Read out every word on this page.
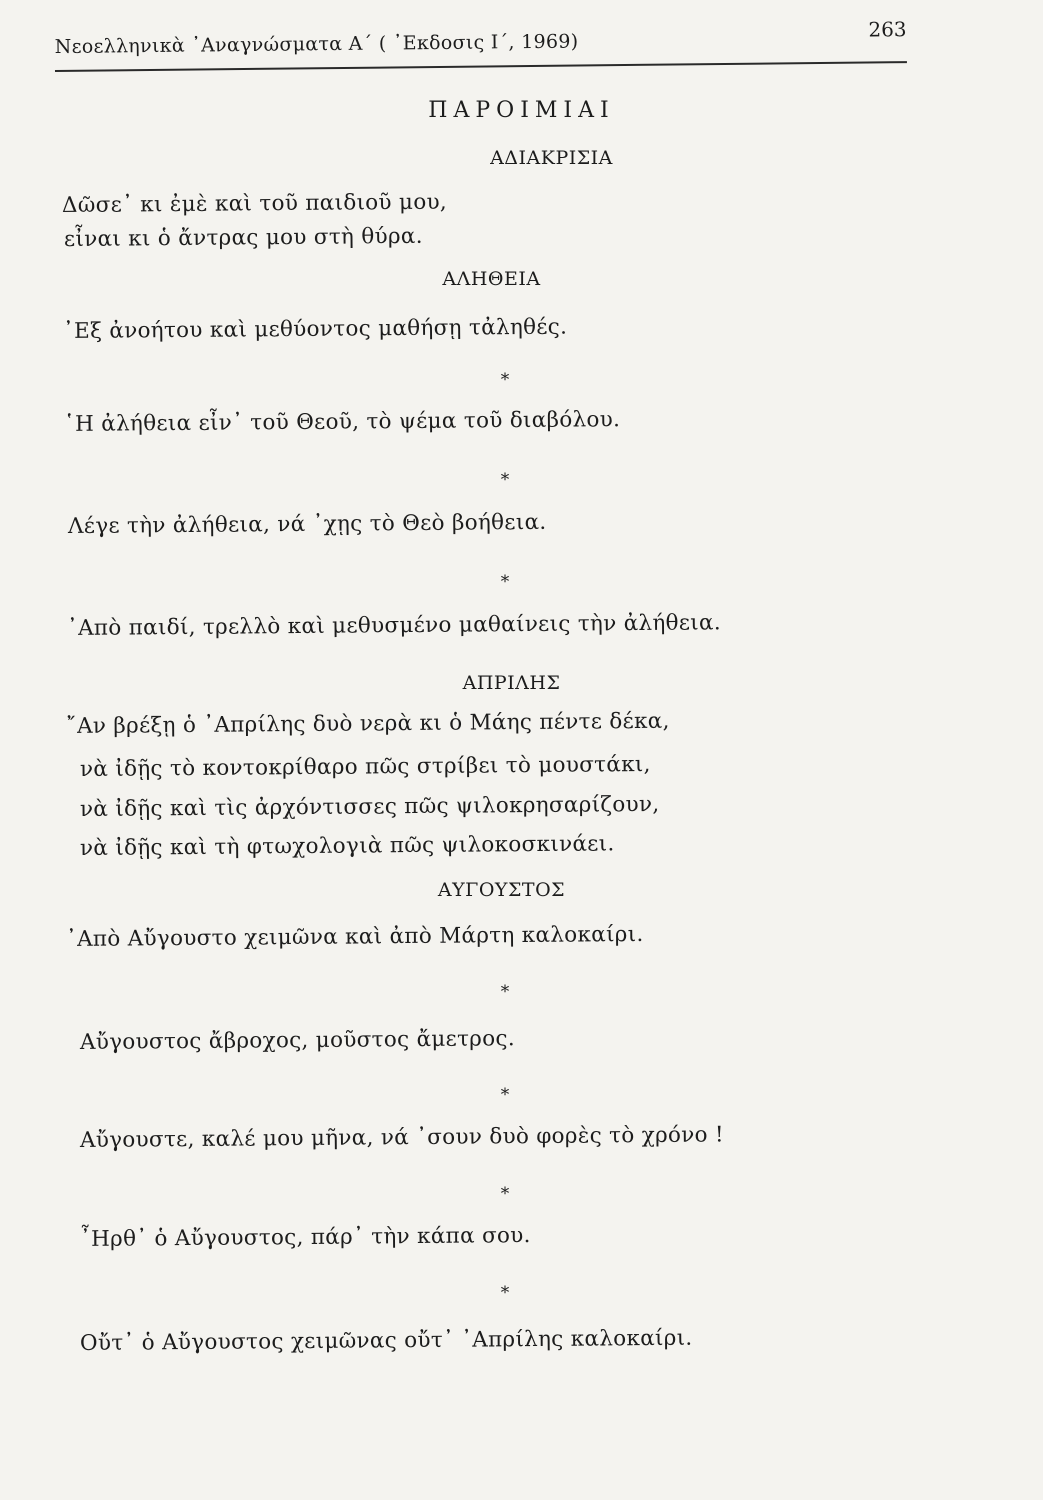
Νεοελληνικὰ ᾿Αναγνώσματα Α΄ ( ᾿Εκδοσις Ι΄, 1969)
263
ΠΑΡΟΙΜΙΑΙ
ΑΔΙΑΚΡΙΣΙΑ
Δῶσε᾿ κι ἐμὲ καὶ τοῦ παιδιοῦ μου,
εἶναι κι ὁ ἄντρας μου στὴ θύρα.
ΑΛΗΘΕΙΑ
᾿Εξ ἀνοήτου καὶ μεθύοντος μαθήσῃ τἀληθές.
*
῾Η ἀλήθεια εἶν᾿ τοῦ Θεοῦ, τὸ ψέμα τοῦ διαβόλου.
*
Λέγε τὴν ἀλήθεια, νά ᾿χῃς τὸ Θεὸ βοήθεια.
*
᾿Απὸ παιδί, τρελλὸ καὶ μεθυσμένο μαθαίνεις τὴν ἀλήθεια.
ΑΠΡΙΛΗΣ
῎Αν βρέξῃ ὁ ᾿Απρίλης δυὸ νερὰ κι ὁ Μάης πέντε δέκα,
νὰ ἰδῇς τὸ κοντοκρίθαρο πῶς στρίβει τὸ μουστάκι,
νὰ ἰδῇς καὶ τὶς ἀρχόντισσες πῶς ψιλοκρησαρίζουν,
νὰ ἰδῇς καὶ τὴ φτωχολογιὰ πῶς ψιλοκοσκινάει.
ΑΥΓΟΥΣΤΟΣ
᾿Απὸ Αὔγουστο χειμῶνα καὶ ἀπὸ Μάρτη καλοκαίρι.
*
Αὔγουστος ἄβροχος, μοῦστος ἄμετρος.
*
Αὔγουστε, καλέ μου μῆνα, νά ᾿σουν δυὸ φορὲς τὸ χρόνο !
*
῏Ηρθ᾿ ὁ Αὔγουστος, πάρ᾿ τὴν κάπα σου.
*
Οὔτ᾿ ὁ Αὔγουστος χειμῶνας οὔτ᾿ ᾿Απρίλης καλοκαίρι.
